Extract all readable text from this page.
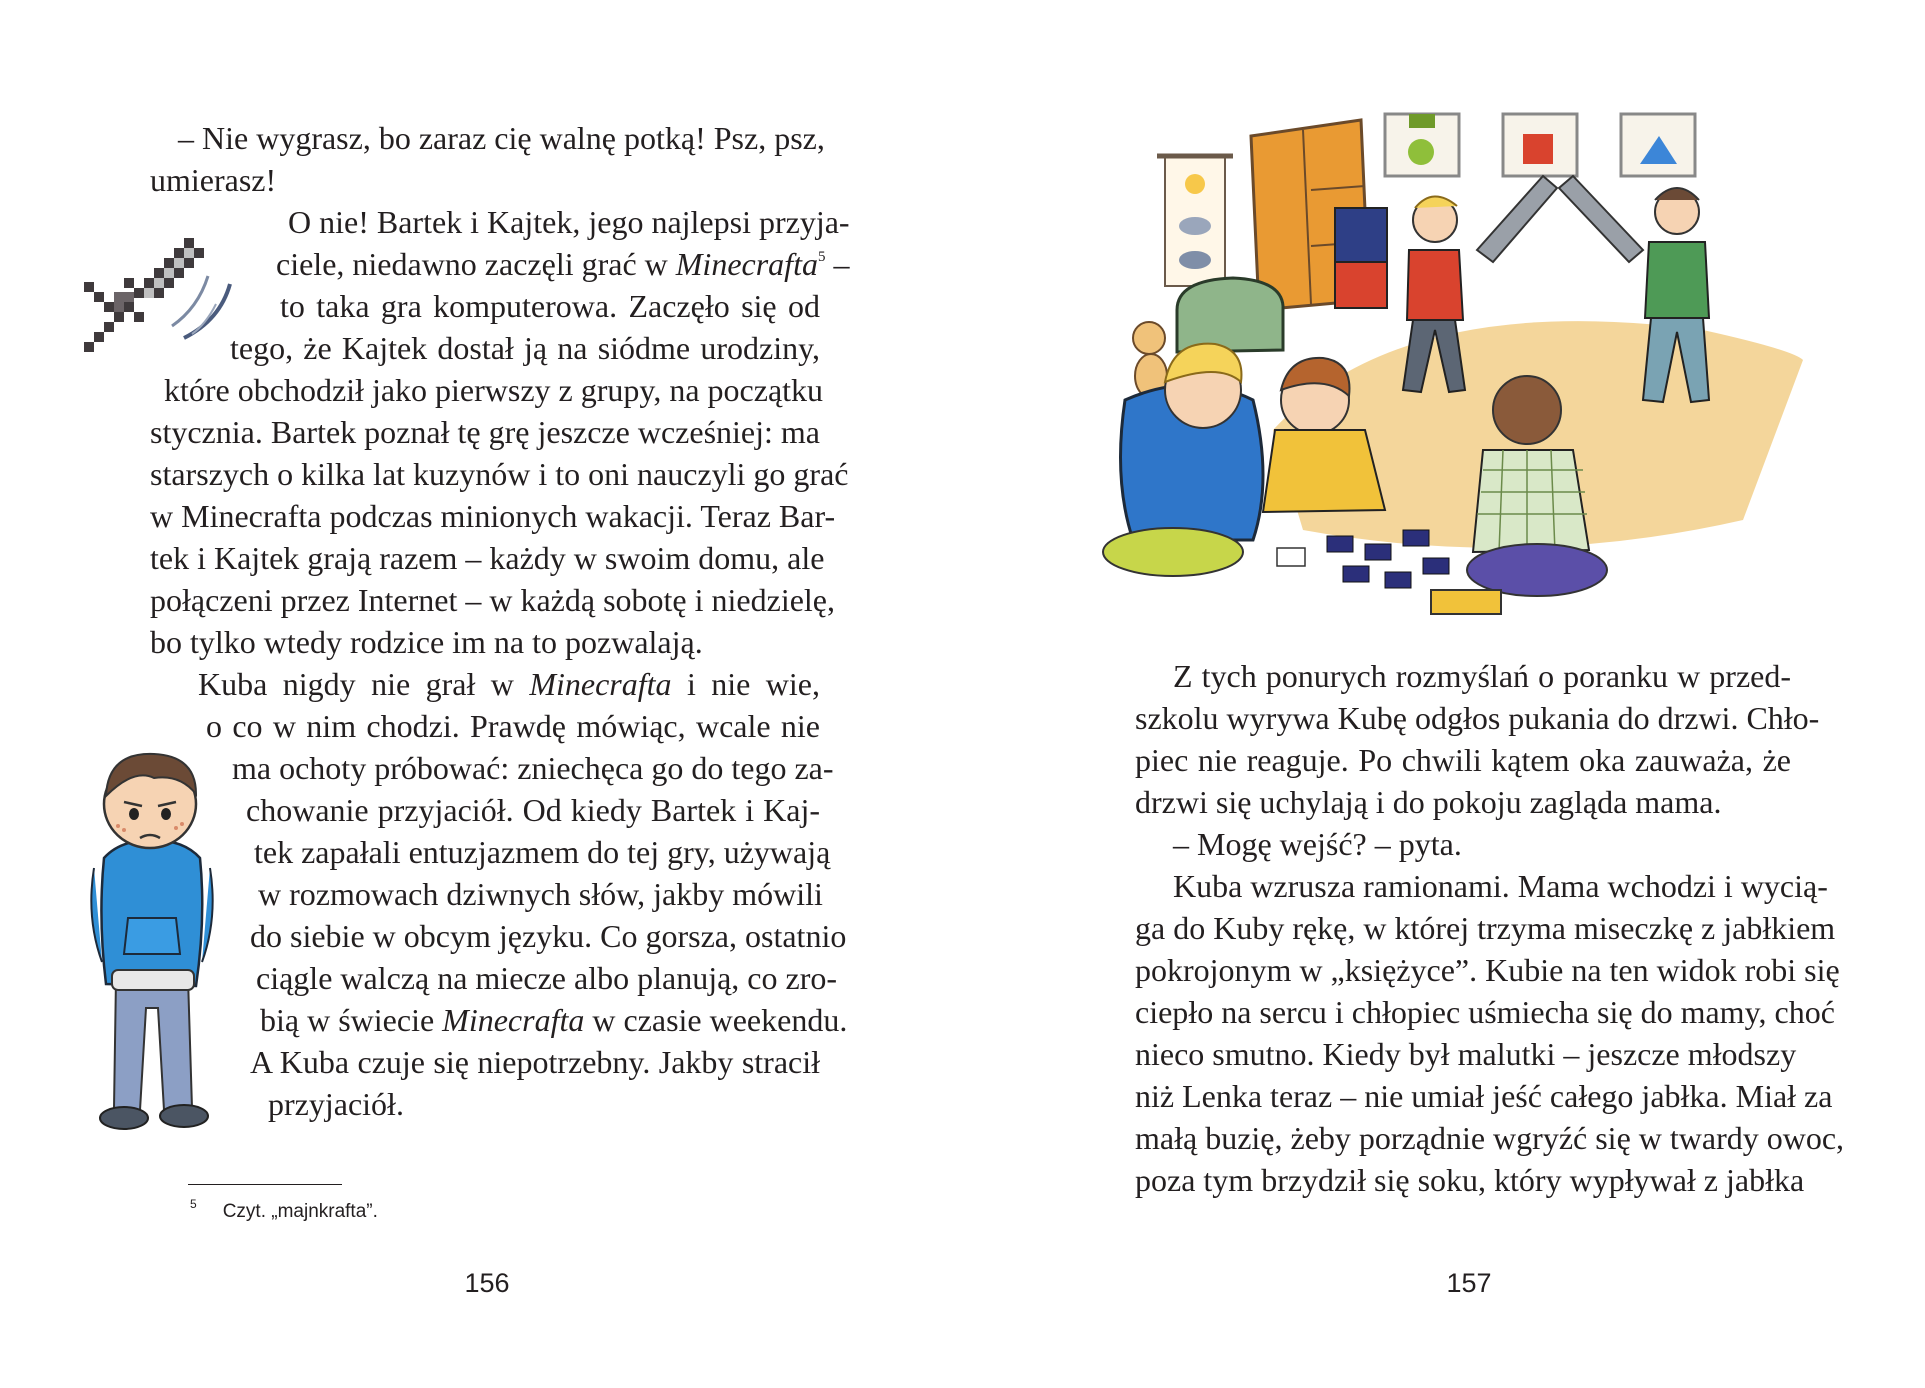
– Nie wygrasz, bo zaraz cię walnę potką! Psz, psz,
umierasz!
O nie! Bartek i Kajtek, jego najlepsi przyja-
ciele, niedawno zaczęli grać w Minecrafta$^5$ –
to taka gra komputerowa. Zaczęło się od
tego, że Kajtek dostał ją na siódme urodziny,
które obchodził jako pierwszy z grupy, na początku
stycznia. Bartek poznał tę grę jeszcze wcześniej: ma
starszych o kilka lat kuzynów i to oni nauczyli go grać
w Minecrafta podczas minionych wakacji. Teraz Bar-
tek i Kajtek grają razem – każdy w swoim domu, ale
połączeni przez Internet – w każdą sobotę i niedzielę,
bo tylko wtedy rodzice im na to pozwalają.
Kuba nigdy nie grał w Minecrafta i nie wie,
o co w nim chodzi. Prawdę mówiąc, wcale nie
ma ochoty próbować: zniechęca go do tego za-
chowanie przyjaciół. Od kiedy Bartek i Kaj-
tek zapałali entuzjazmem do tej gry, używają
w rozmowach dziwnych słów, jakby mówili
do siebie w obcym języku. Co gorsza, ostatnio
ciągle walczą na miecze albo planują, co zro-
bią w świecie Minecrafta w czasie weekendu.
A Kuba czuje się niepotrzebny. Jakby stracił
przyjaciół.
$^5$ Czyt. „majnkrafta”.
156
Z tych ponurych rozmyślań o poranku w przed-
szkolu wyrywa Kubę odgłos pukania do drzwi. Chło-
piec nie reaguje. Po chwili kątem oka zauważa, że
drzwi się uchylają i do pokoju zagląda mama.
– Mogę wejść? – pyta.
Kuba wzrusza ramionami. Mama wchodzi i wycią-
ga do Kuby rękę, w której trzyma miseczkę z jabłkiem
pokrojonym w „księżyce”. Kubie na ten widok robi się
ciepło na sercu i chłopiec uśmiecha się do mamy, choć
nieco smutno. Kiedy był malutki – jeszcze młodszy
niż Lenka teraz – nie umiał jeść całego jabłka. Miał za
małą buzię, żeby porządnie wgryźć się w twardy owoc,
poza tym brzydził się soku, który wypływał z jabłka
157
